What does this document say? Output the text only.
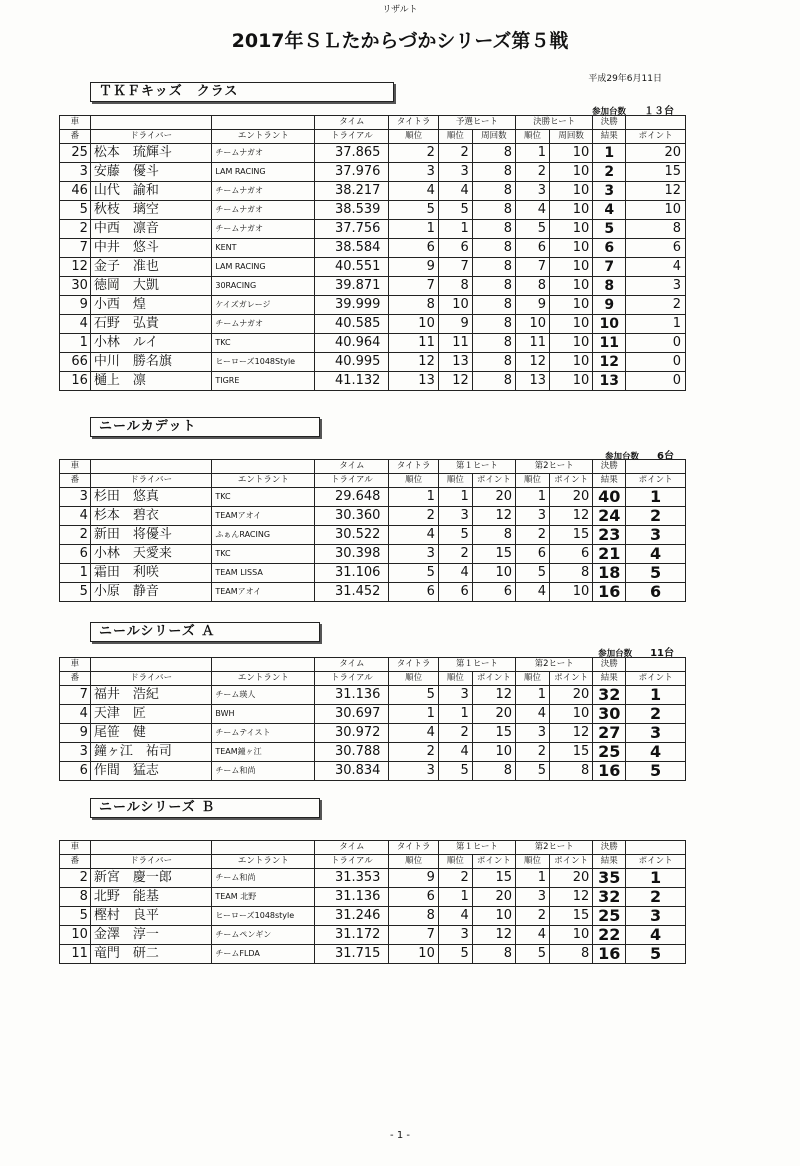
リザルト
2017年ＳＬたからづかシリーズ第５戦
平成29年6月11日
ＴＫＦキッズ　クラス
参加台数 １３台
車			タイム	タイトラ	予選ヒート		決勝ヒート		決勝	
番	ドライバー	エントラント	トライアル	順位	順位	周回数	順位	周回数	結果	ポイント
25	松本　琉輝斗	チームナガオ	37.865	2	2	8	1	10	1	20
3	安藤　優斗	LAM RACING	37.976	3	3	8	2	10	2	15
46	山代　諭和	チームナガオ	38.217	4	4	8	3	10	3	12
5	秋枝　璃空	チームナガオ	38.539	5	5	8	4	10	4	10
2	中西　凛音	チームナガオ	37.756	1	1	8	5	10	5	8
7	中井　悠斗	KENT	38.584	6	6	8	6	10	6	6
12	金子　准也	LAM RACING	40.551	9	7	8	7	10	7	4
30	徳岡　大凱	30RACING	39.871	7	8	8	8	10	8	3
9	小西　煌	ケイズガレージ	39.999	8	10	8	9	10	9	2
4	石野　弘貴	チームナガオ	40.585	10	9	8	10	10	10	1
1	小林　ルイ	TKC	40.964	11	11	8	11	10	11	0
66	中川　勝名旗	ヒーローズ1048Style	40.995	12	13	8	12	10	12	0
16	樋上　凛	TIGRE	41.132	13	12	8	13	10	13	0
ニールカデット
参加台数 6台
車			タイム	タイトラ	第１ヒート		第2ヒート		決勝	
番	ドライバー	エントラント	トライアル	順位	順位	ポイント	順位	ポイント	結果	ポイント
3	杉田　悠真	TKC	29.648	1	1	20	1	20	40	1
4	杉本　碧衣	TEAMアオイ	30.360	2	3	12	3	12	24	2
2	新田　将優斗	ふぁんRACING	30.522	4	5	8	2	15	23	3
6	小林　天愛来	TKC	30.398	3	2	15	6	6	21	4
1	霜田　利咲	TEAM LISSA	31.106	5	4	10	5	8	18	5
5	小原　静音	TEAMアオイ	31.452	6	6	6	4	10	16	6
ニールシリーズ Ａ
参加台数 11台
車			タイム	タイトラ	第１ヒート		第2ヒート		決勝	
番	ドライバー	エントラント	トライアル	順位	順位	ポイント	順位	ポイント	結果	ポイント
7	福井　浩紀	チーム瑛人	31.136	5	3	12	1	20	32	1
4	天津　匠	BWH	30.697	1	1	20	4	10	30	2
9	尾笹　健	チームテイスト	30.972	4	2	15	3	12	27	3
3	鐘ヶ江　祐司	TEAM鐘ヶ江	30.788	2	4	10	2	15	25	4
6	作間　猛志	チーム和尚	30.834	3	5	8	5	8	16	5
ニールシリーズ Ｂ
車			タイム	タイトラ	第１ヒート		第2ヒート		決勝	
番	ドライバー	エントラント	トライアル	順位	順位	ポイント	順位	ポイント	結果	ポイント
2	新宮　慶一郎	チーム和尚	31.353	9	2	15	1	20	35	1
8	北野　能基	TEAM 北野	31.136	6	1	20	3	12	32	2
5	樫村　良平	ヒーローズ1048style	31.246	8	4	10	2	15	25	3
10	金澤　淳一	チームペンギン	31.172	7	3	12	4	10	22	4
11	竜門　研二	チームFLDA	31.715	10	5	8	5	8	16	5
- 1 -
